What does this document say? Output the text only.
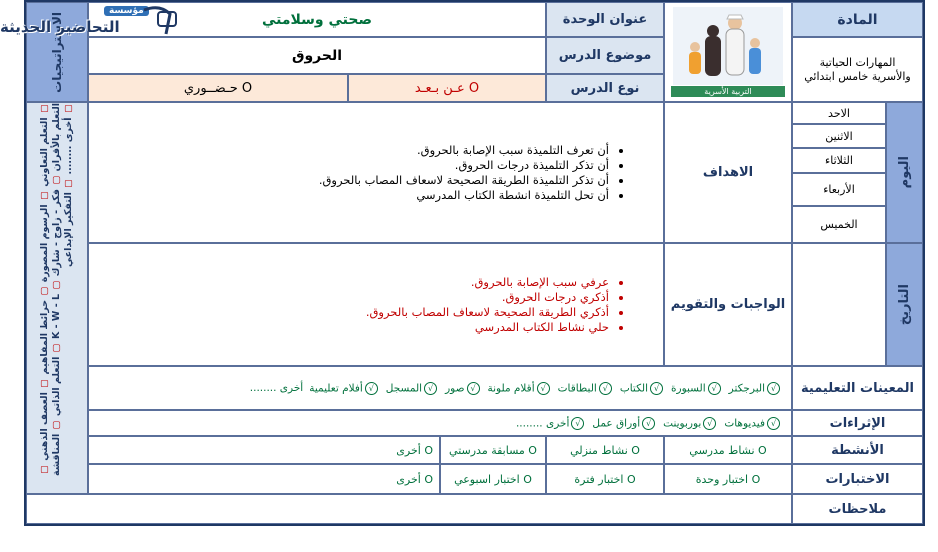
المادة
المهارات الحياتية والأسرية خامس ابتدائي
التربية الأسرية
عنوان الوحدة
موضوع الدرس
نوع الدرس
صحتي وسلامتي
الحروق
عـن بـعـد O
حـضــوري O
الاستراتيجيات
مؤسسة
التحاضير الحديثة
الاحد
الاثنين
الثلاثاء
الأربعاء
الخميس
اليوم
التاريخ
الاهداف
• أن تعرف التلميذة سبب الإصابة بالحروق.
• أن تذكر التلميذة درجات الحروق.
• أن تذكر التلميذة الطريقة الصحيحة لاسعاف المصاب بالحروق.
• أن تحل التلميذة انشطة الكتاب المدرسي
الواجبات والتقويم
• عرفي سبب الإصابة بالحروق.
• أذكري درجات الحروق.
• أذكري الطريقة الصحيحة لاسعاف المصاب بالحروق.
• حلي نشاط الكتاب المدرسي
▢ التعلم التعاوني ▢ الرسوم المصورة ▢ حرائط المفاهيم ▢ العصف الذهني ▢ التعلم بالأقران ▢ فكر - زاوج - شارك ▢ K - W - L ▢ التعلم الذاتي ▢ المناقشة ▢ أخرى ........ ▢ التفكير الإبداعي
المعينات التعليمية
√البرجكتر
√السبورة
√الكتاب
√البطاقات
√أقلام ملونة
√صور
√المسجل
√أفلام تعليمية
أخرى ........
الإثراءات
√فيديوهات
√بوربوينت
√أوراق عمل
√أخرى ........
الأنشطة
نشاط مدرسي O
نشاط منزلي O
مسابقة مدرستي O
أخرى O
الاختبارات
اختبار وحدة O
اختبار فترة O
اختبار اسبوعي O
أخرى O
ملاحظات
